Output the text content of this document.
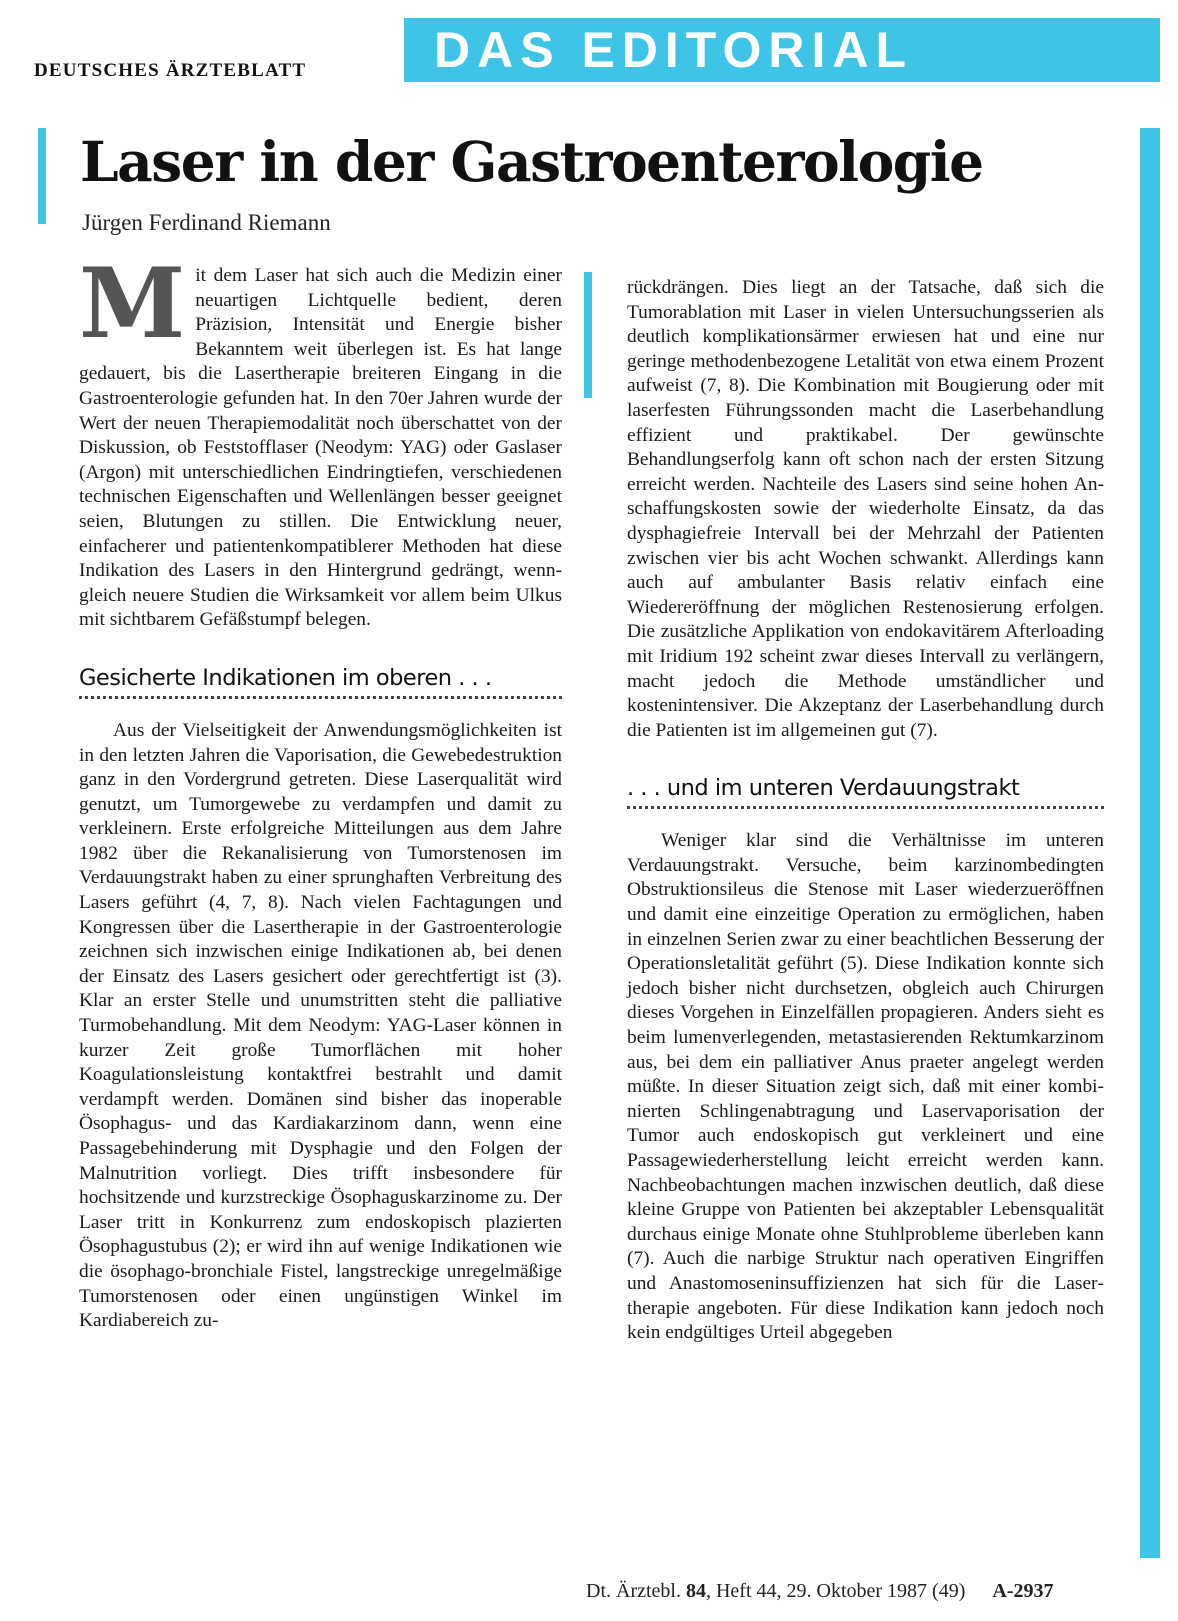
DEUTSCHES ÄRZTEBLATT	DAS EDITORIAL
Laser in der Gastroenterologie
Jürgen Ferdinand Riemann

Mit dem Laser hat sich auch die Medizin einer neuartigen Lichtquelle bedient, deren Präzision, Intensität und Energie bisher Bekanntem weit überlegen ist. Es hat lange gedauert, bis die Lasertherapie breiteren Eingang in die Gastroenterologie gefunden hat. In den 70er Jahren wurde der Wert der neuen Therapiemodalität noch überschattet von der Diskussion, ob Feststofflaser (Neodym: YAG) oder Gaslaser (Argon) mit unterschiedlichen Eindringtiefen, verschiedenen technischen Eigenschaften und Wellenlängen besser geeignet seien, Blutungen zu stillen. Die Entwicklung neuer, einfacherer und patientenkompatiblerer Methoden hat diese Indikation des Lasers in den Hintergrund gedrängt, wenngleich neuere Studien die Wirksamkeit vor allem beim Ulkus mit sichtbarem Gefäßstumpf belegen.

Gesicherte Indikationen im oberen . . .

Aus der Vielseitigkeit der Anwendungsmöglichkeiten ist in den letzten Jahren die Vaporisation, die Gewebedestruktion ganz in den Vordergrund getreten. Diese Laserqualität wird genutzt, um Tumorgewebe zu verdampfen und damit zu verkleinern. Erste erfolgreiche Mitteilungen aus dem Jahre 1982 über die Rekanalisierung von Tumorstenosen im Verdauungstrakt haben zu einer sprunghaften Verbreitung des Lasers geführt (4, 7, 8). Nach vielen Fachtagungen und Kongressen über die Lasertherapie in der Gastroenterologie zeichnen sich inzwischen einige Indikationen ab, bei denen der Einsatz des Lasers gesichert oder gerechtfertigt ist (3). Klar an erster Stelle und unumstritten steht die palliative Turmobehandlung. Mit dem Neodym: YAG-Laser können in kurzer Zeit große Tumorflächen mit hoher Koagulationsleistung kontaktfrei bestrahlt und damit verdampft werden. Domänen sind bisher das inoperable Ösophagus- und das Kardiakarzinom dann, wenn eine Passagebehinderung mit Dysphagie und den Folgen der Malnutrition vorliegt. Dies trifft insbesondere für hochsitzende und kurzstreckige Ösophaguskarzinome zu. Der Laser tritt in Konkurrenz zum endoskopisch plazierten Ösophagustubus (2); er wird ihn auf wenige Indikationen wie die ösophago-bronchiale Fistel, langstreckige unregelmäßige Tumorstenosen oder einen ungünstigen Winkel im Kardiabereich zu-

rückdrängen. Dies liegt an der Tatsache, daß sich die Tumorablation mit Laser in vielen Untersuchungsserien als deutlich komplikationsärmer erwiesen hat und eine nur geringe methodenbezogene Letalität von etwa einem Prozent aufweist (7, 8). Die Kombination mit Bougierung oder mit laserfesten Führungssonden macht die Laserbehandlung effizient und praktikabel. Der gewünschte Behandlungserfolg kann oft schon nach der ersten Sitzung erreicht werden. Nachteile des Lasers sind seine hohen Anschaffungskosten sowie der wiederholte Einsatz, da das dysphagiefreie Intervall bei der Mehrzahl der Patienten zwischen vier bis acht Wochen schwankt. Allerdings kann auch auf ambulanter Basis relativ einfach eine Wiedereröffnung der möglichen Restenosierung erfolgen. Die zusätzliche Applikation von endokavitärem Afterloading mit Iridium 192 scheint zwar dieses Intervall zu verlängern, macht jedoch die Methode umständlicher und kostenintensiver. Die Akzeptanz der Laserbehandlung durch die Patienten ist im allgemeinen gut (7).

. . . und im unteren Verdauungstrakt

Weniger klar sind die Verhältnisse im unteren Verdauungstrakt. Versuche, beim karzinombedingten Obstruktionsileus die Stenose mit Laser wiederzueröffnen und damit eine einzeitige Operation zu ermöglichen, haben in einzelnen Serien zwar zu einer beachtlichen Besserung der Operationsletalität geführt (5). Diese Indikation konnte sich jedoch bisher nicht durchsetzen, obgleich auch Chirurgen dieses Vorgehen in Einzelfällen propagieren. Anders sieht es beim lumenverlegenden, metastasierenden Rektumkarzinom aus, bei dem ein palliativer Anus praeter angelegt werden müßte. In dieser Situation zeigt sich, daß mit einer kombinierten Schlingenabtragung und Laservaporisation der Tumor auch endoskopisch gut verkleinert und eine Passagewiederherstellung leicht erreicht werden kann. Nachbeobachtungen machen inzwischen deutlich, daß diese kleine Gruppe von Patienten bei akzeptabler Lebensqualität durchaus einige Monate ohne Stuhlprobleme überleben kann (7). Auch die narbige Struktur nach operativen Eingriffen und Anastomoseninsuffizienzen hat sich für die Lasertherapie angeboten. Für diese Indikation kann jedoch noch kein endgültiges Urteil abgegeben

Dt. Ärztebl. 84, Heft 44, 29. Oktober 1987 (49) A-2937
